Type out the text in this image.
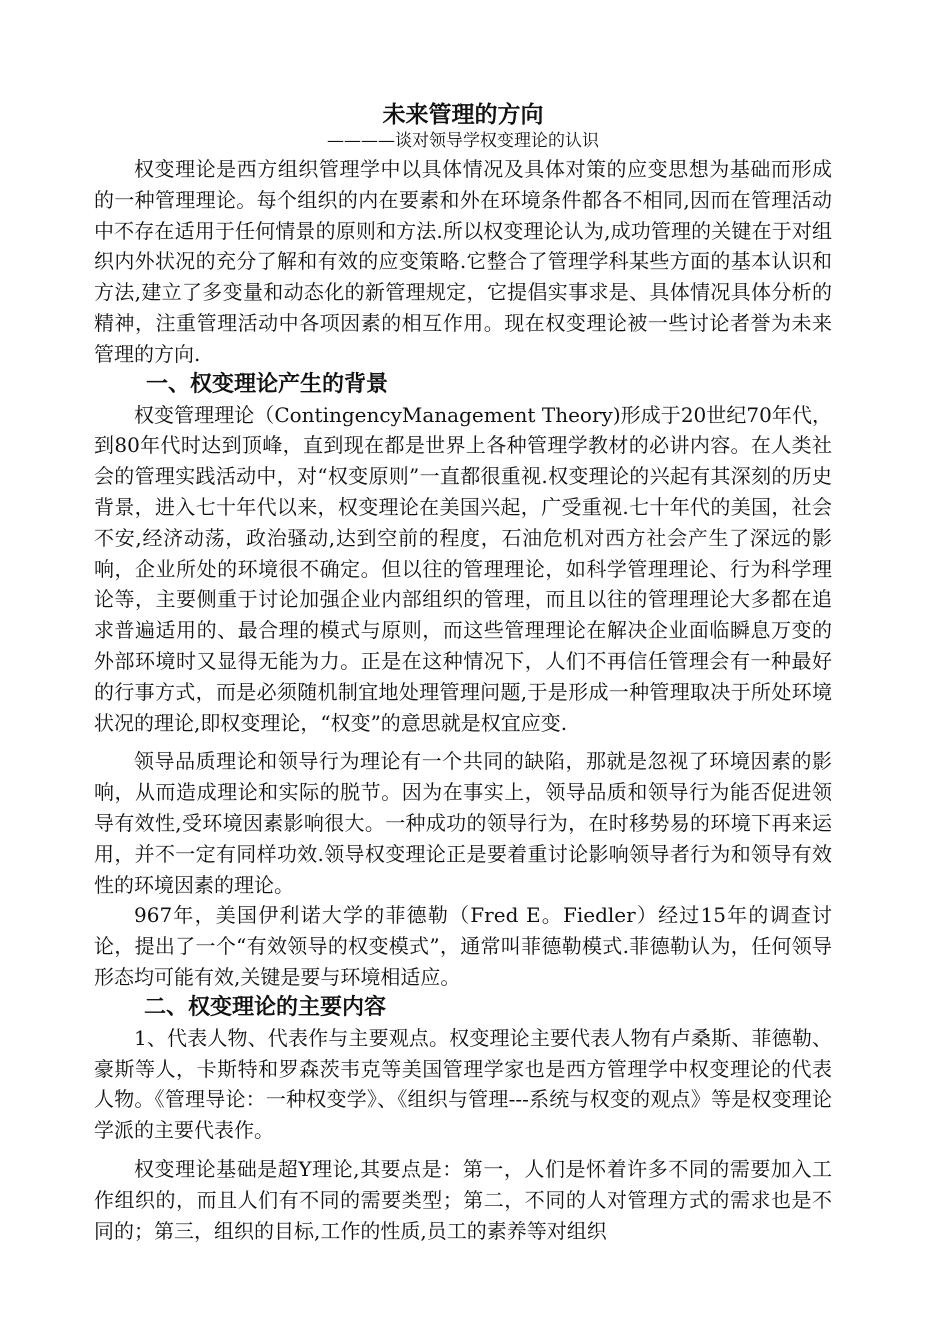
未来管理的方向
————谈对领导学权变理论的认识

权变理论是西方组织管理学中以具体情况及具体对策的应变思想为基础而形成的一种管理理论。每个组织的内在要素和外在环境条件都各不相同,因而在管理活动中不存在适用于任何情景的原则和方法.所以权变理论认为,成功管理的关键在于对组织内外状况的充分了解和有效的应变策略.它整合了管理学科某些方面的基本认识和方法,建立了多变量和动态化的新管理规定，它提倡实事求是、具体情况具体分析的精神，注重管理活动中各项因素的相互作用。现在权变理论被一些讨论者誉为未来管理的方向.

一、权变理论产生的背景

权变管理理论（ContingencyManagement Theory)形成于20世纪70年代，到80年代时达到顶峰，直到现在都是世界上各种管理学教材的必讲内容。在人类社会的管理实践活动中，对“权变原则”一直都很重视.权变理论的兴起有其深刻的历史背景，进入七十年代以来，权变理论在美国兴起，广受重视.七十年代的美国，社会不安,经济动荡，政治骚动,达到空前的程度，石油危机对西方社会产生了深远的影响，企业所处的环境很不确定。但以往的管理理论，如科学管理理论、行为科学理论等，主要侧重于讨论加强企业内部组织的管理，而且以往的管理理论大多都在追求普遍适用的、最合理的模式与原则，而这些管理理论在解决企业面临瞬息万变的外部环境时又显得无能为力。正是在这种情况下，人们不再信任管理会有一种最好的行事方式，而是必须随机制宜地处理管理问题,于是形成一种管理取决于所处环境状况的理论,即权变理论，“权变”的意思就是权宜应变.

领导品质理论和领导行为理论有一个共同的缺陷，那就是忽视了环境因素的影响，从而造成理论和实际的脱节。因为在事实上，领导品质和领导行为能否促进领导有效性,受环境因素影响很大。一种成功的领导行为，在时移势易的环境下再来运用，并不一定有同样功效.领导权变理论正是要着重讨论影响领导者行为和领导有效性的环境因素的理论。

967年，美国伊利诺大学的菲德勒（Fred E。Fiedler）经过15年的调查讨论，提出了一个“有效领导的权变模式”，通常叫菲德勒模式.菲德勒认为，任何领导形态均可能有效,关键是要与环境相适应。

二、权变理论的主要内容

1、代表人物、代表作与主要观点。权变理论主要代表人物有卢桑斯、菲德勒、豪斯等人，卡斯特和罗森茨韦克等美国管理学家也是西方管理学中权变理论的代表人物。《管理导论：一种权变学》、《组织与管理---系统与权变的观点》等是权变理论学派的主要代表作。

权变理论基础是超Y理论,其要点是：第一，人们是怀着许多不同的需要加入工作组织的，而且人们有不同的需要类型；第二，不同的人对管理方式的需求也是不同的；第三，组织的目标,工作的性质,员工的素养等对组织
